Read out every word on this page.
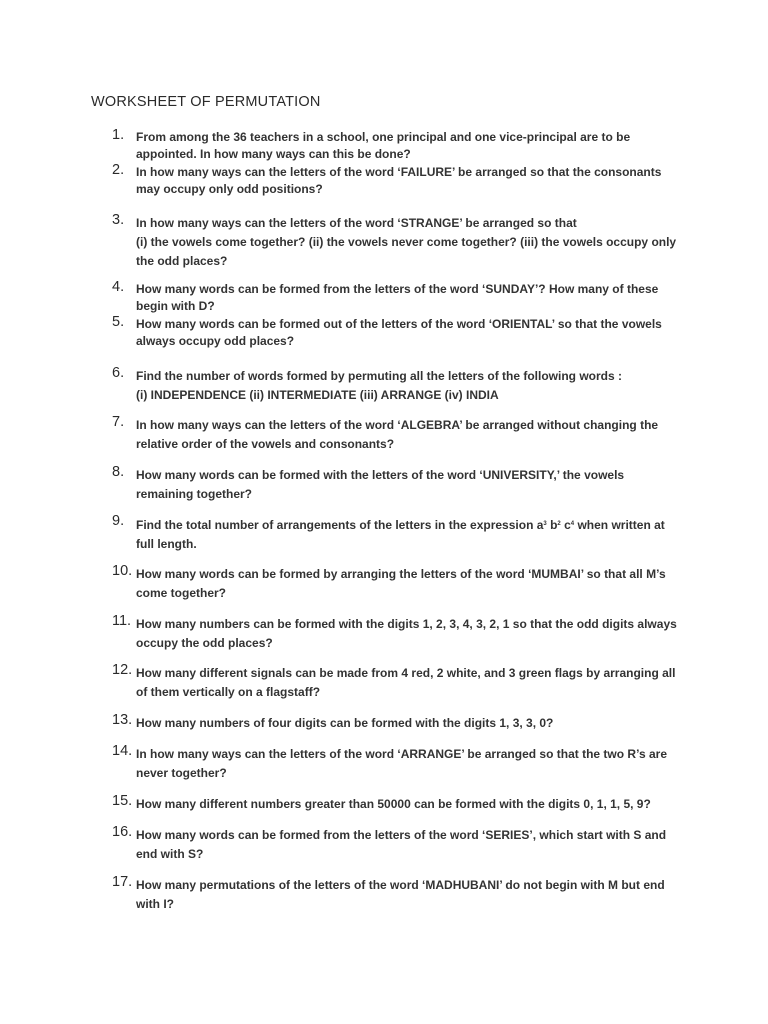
WORKSHEET OF PERMUTATION
1. From among the 36 teachers in a school, one principal and one vice-principal are to be
appointed. In how many ways can this be done?
2. In how many ways can the letters of the word ‘FAILURE’ be arranged so that the consonants
may occupy only odd positions?
3. In how many ways can the letters of the word ‘STRANGE’ be arranged so that
(i) the vowels come together? (ii) the vowels never come together? (iii) the vowels occupy only
the odd places?
4. How many words can be formed from the letters of the word ‘SUNDAY’? How many of these
begin with D?
5. How many words can be formed out of the letters of the word ‘ORIENTAL’ so that the vowels
always occupy odd places?
6. Find the number of words formed by permuting all the letters of the following words :
(i) INDEPENDENCE (ii) INTERMEDIATE (iii) ARRANGE (iv) INDIA
7. In how many ways can the letters of the word ‘ALGEBRA’ be arranged without changing the
relative order of the vowels and consonants?
8. How many words can be formed with the letters of the word ‘UNIVERSITY,’ the vowels
remaining together?
9. Find the total number of arrangements of the letters in the expression $a^3$ $b^2$ $c^4$ when written at
full length.
10. How many words can be formed by arranging the letters of the word ‘MUMBAI’ so that all M’s
come together?
11. How many numbers can be formed with the digits 1, 2, 3, 4, 3, 2, 1 so that the odd digits always
occupy the odd places?
12. How many different signals can be made from 4 red, 2 white, and 3 green flags by arranging all
of them vertically on a flagstaff?
13. How many numbers of four digits can be formed with the digits 1, 3, 3, 0?
14. In how many ways can the letters of the word ‘ARRANGE’ be arranged so that the two R’s are
never together?
15. How many different numbers greater than 50000 can be formed with the digits 0, 1, 1, 5, 9?
16. How many words can be formed from the letters of the word ‘SERIES’, which start with S and
end with S?
17. How many permutations of the letters of the word ‘MADHUBANI’ do not begin with M but end
with I?
